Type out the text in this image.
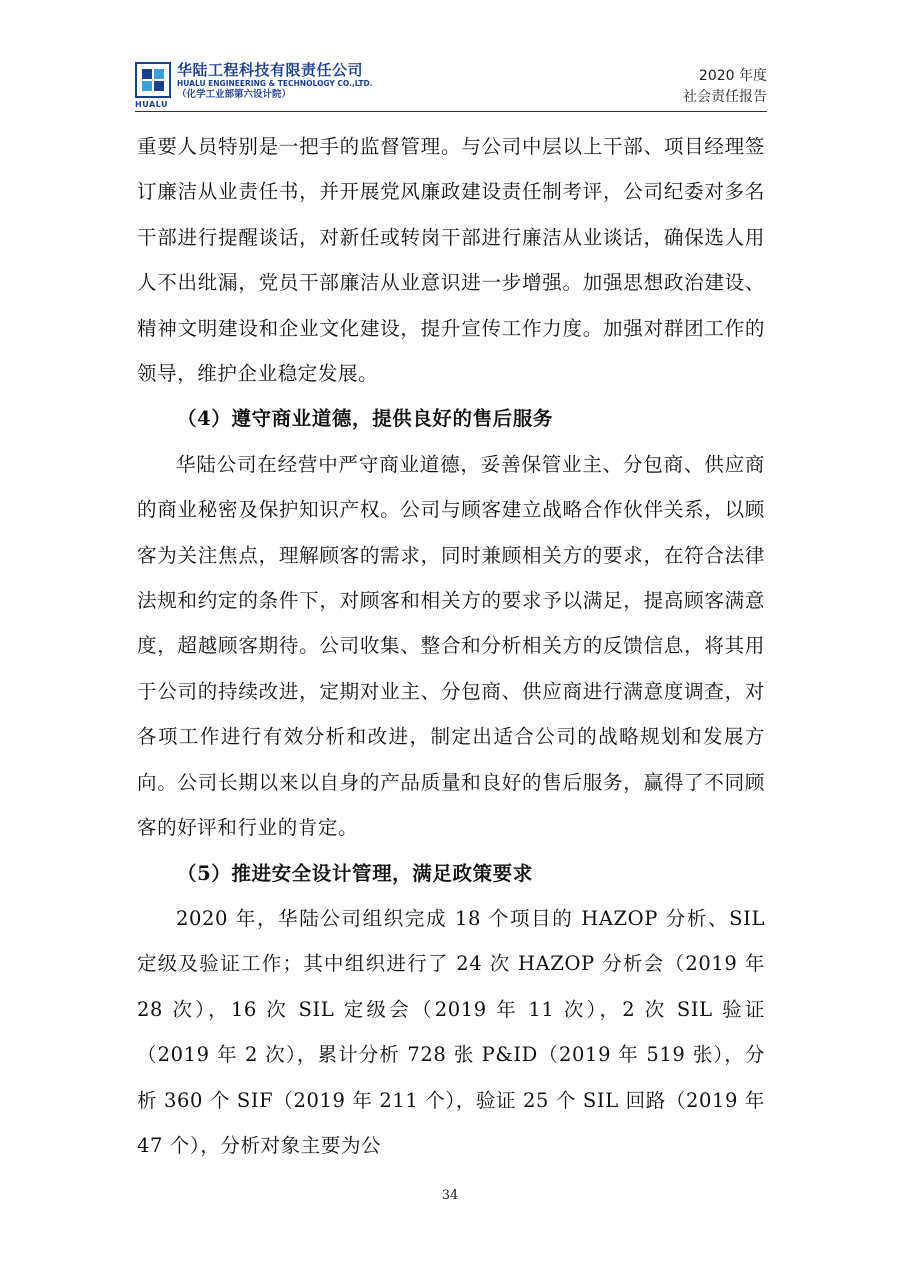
HUALU
华陆工程科技有限责任公司
HUALU ENGINEERING & TECHNOLOGY CO.,LTD.
（化学工业部第六设计院）
2020 年度
社会责任报告

重要人员特别是一把手的监督管理。与公司中层以上干部、项目经理签订廉洁从业责任书，并开展党风廉政建设责任制考评，公司纪委对多名干部进行提醒谈话，对新任或转岗干部进行廉洁从业谈话，确保选人用人不出纰漏，党员干部廉洁从业意识进一步增强。加强思想政治建设、精神文明建设和企业文化建设，提升宣传工作力度。加强对群团工作的领导，维护企业稳定发展。

（4）遵守商业道德，提供良好的售后服务

华陆公司在经营中严守商业道德，妥善保管业主、分包商、供应商的商业秘密及保护知识产权。公司与顾客建立战略合作伙伴关系，以顾客为关注焦点，理解顾客的需求，同时兼顾相关方的要求，在符合法律法规和约定的条件下，对顾客和相关方的要求予以满足，提高顾客满意度，超越顾客期待。公司收集、整合和分析相关方的反馈信息，将其用于公司的持续改进，定期对业主、分包商、供应商进行满意度调查，对各项工作进行有效分析和改进，制定出适合公司的战略规划和发展方向。公司长期以来以自身的产品质量和良好的售后服务，赢得了不同顾客的好评和行业的肯定。

（5）推进安全设计管理，满足政策要求

2020 年，华陆公司组织完成 18 个项目的 HAZOP 分析、SIL 定级及验证工作；其中组织进行了 24 次 HAZOP 分析会（2019 年 28 次），16 次 SIL 定级会（2019 年 11 次），2 次 SIL 验证（2019 年 2 次），累计分析 728 张 P&ID（2019 年 519 张），分析 360 个 SIF（2019 年 211 个），验证 25 个 SIL 回路（2019 年 47 个），分析对象主要为公

34
